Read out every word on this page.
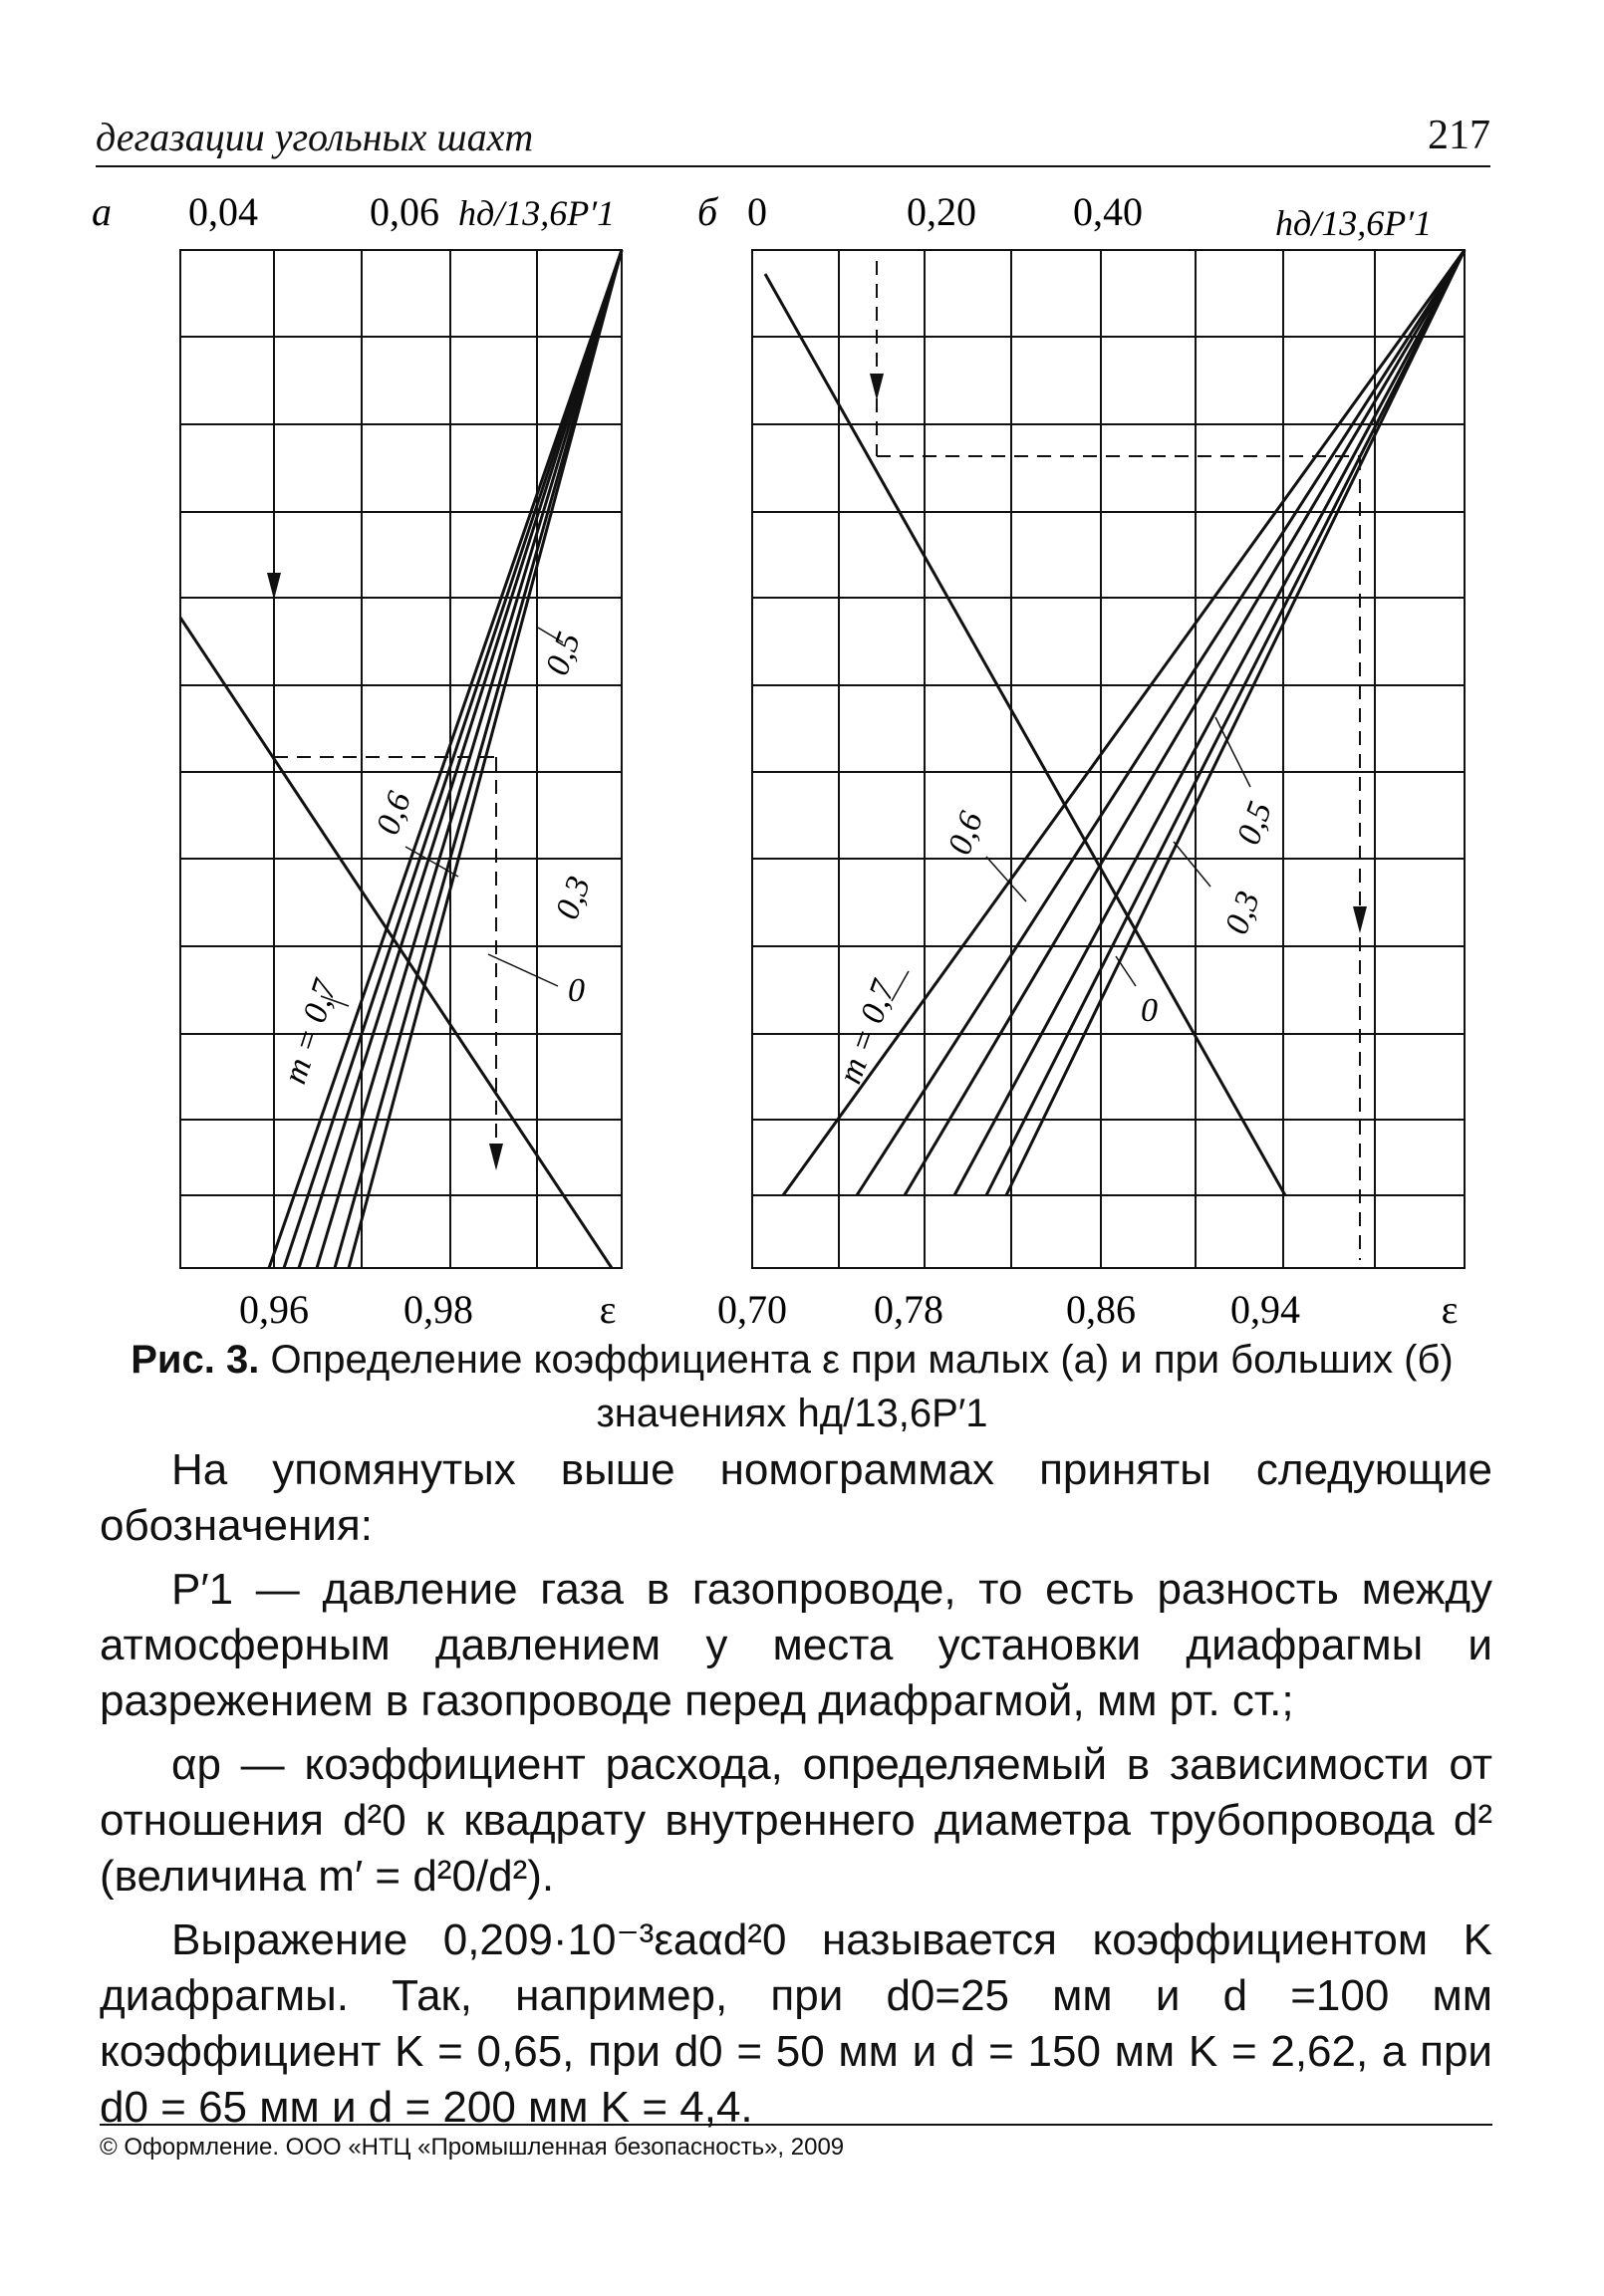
дегазации угольных шахт	217
а 0,04	0,06 hд/13,6P′1
0,96 0,98	ε
0,5
0,6
0,3
0
m = 0,7
б 0	0,20 0,40	hд/13,6P′1
0,70 0,78	0,86 0,94	ε
0,6	0,5
0,3
0
m = 0,7
Рис. 3. Определение коэффициента ε при малых (а) и при больших (б) значениях hд/13,6P′1

На упомянутых выше номограммах приняты следующие обозначения:

P′1 — давление газа в газопроводе, то есть разность между атмосферным давлением у места установки диафрагмы и разрежением в газопроводе перед диафрагмой, мм рт. ст.;

αр — коэффициент расхода, определяемый в зависимости от отношения d²0 к квадрату внутреннего диаметра трубопровода d² (величина m′ = d²0/d²).

Выражение 0,209·10⁻³εaαd²0 называется коэффициентом K диафрагмы. Так, например, при d0=25 мм и d =100 мм коэффициент K = 0,65, при d0 = 50 мм и d = 150 мм K = 2,62, а при d0 = 65 мм и d = 200 мм K = 4,4.

© Оформление. ООО «НТЦ «Промышленная безопасность», 2009
